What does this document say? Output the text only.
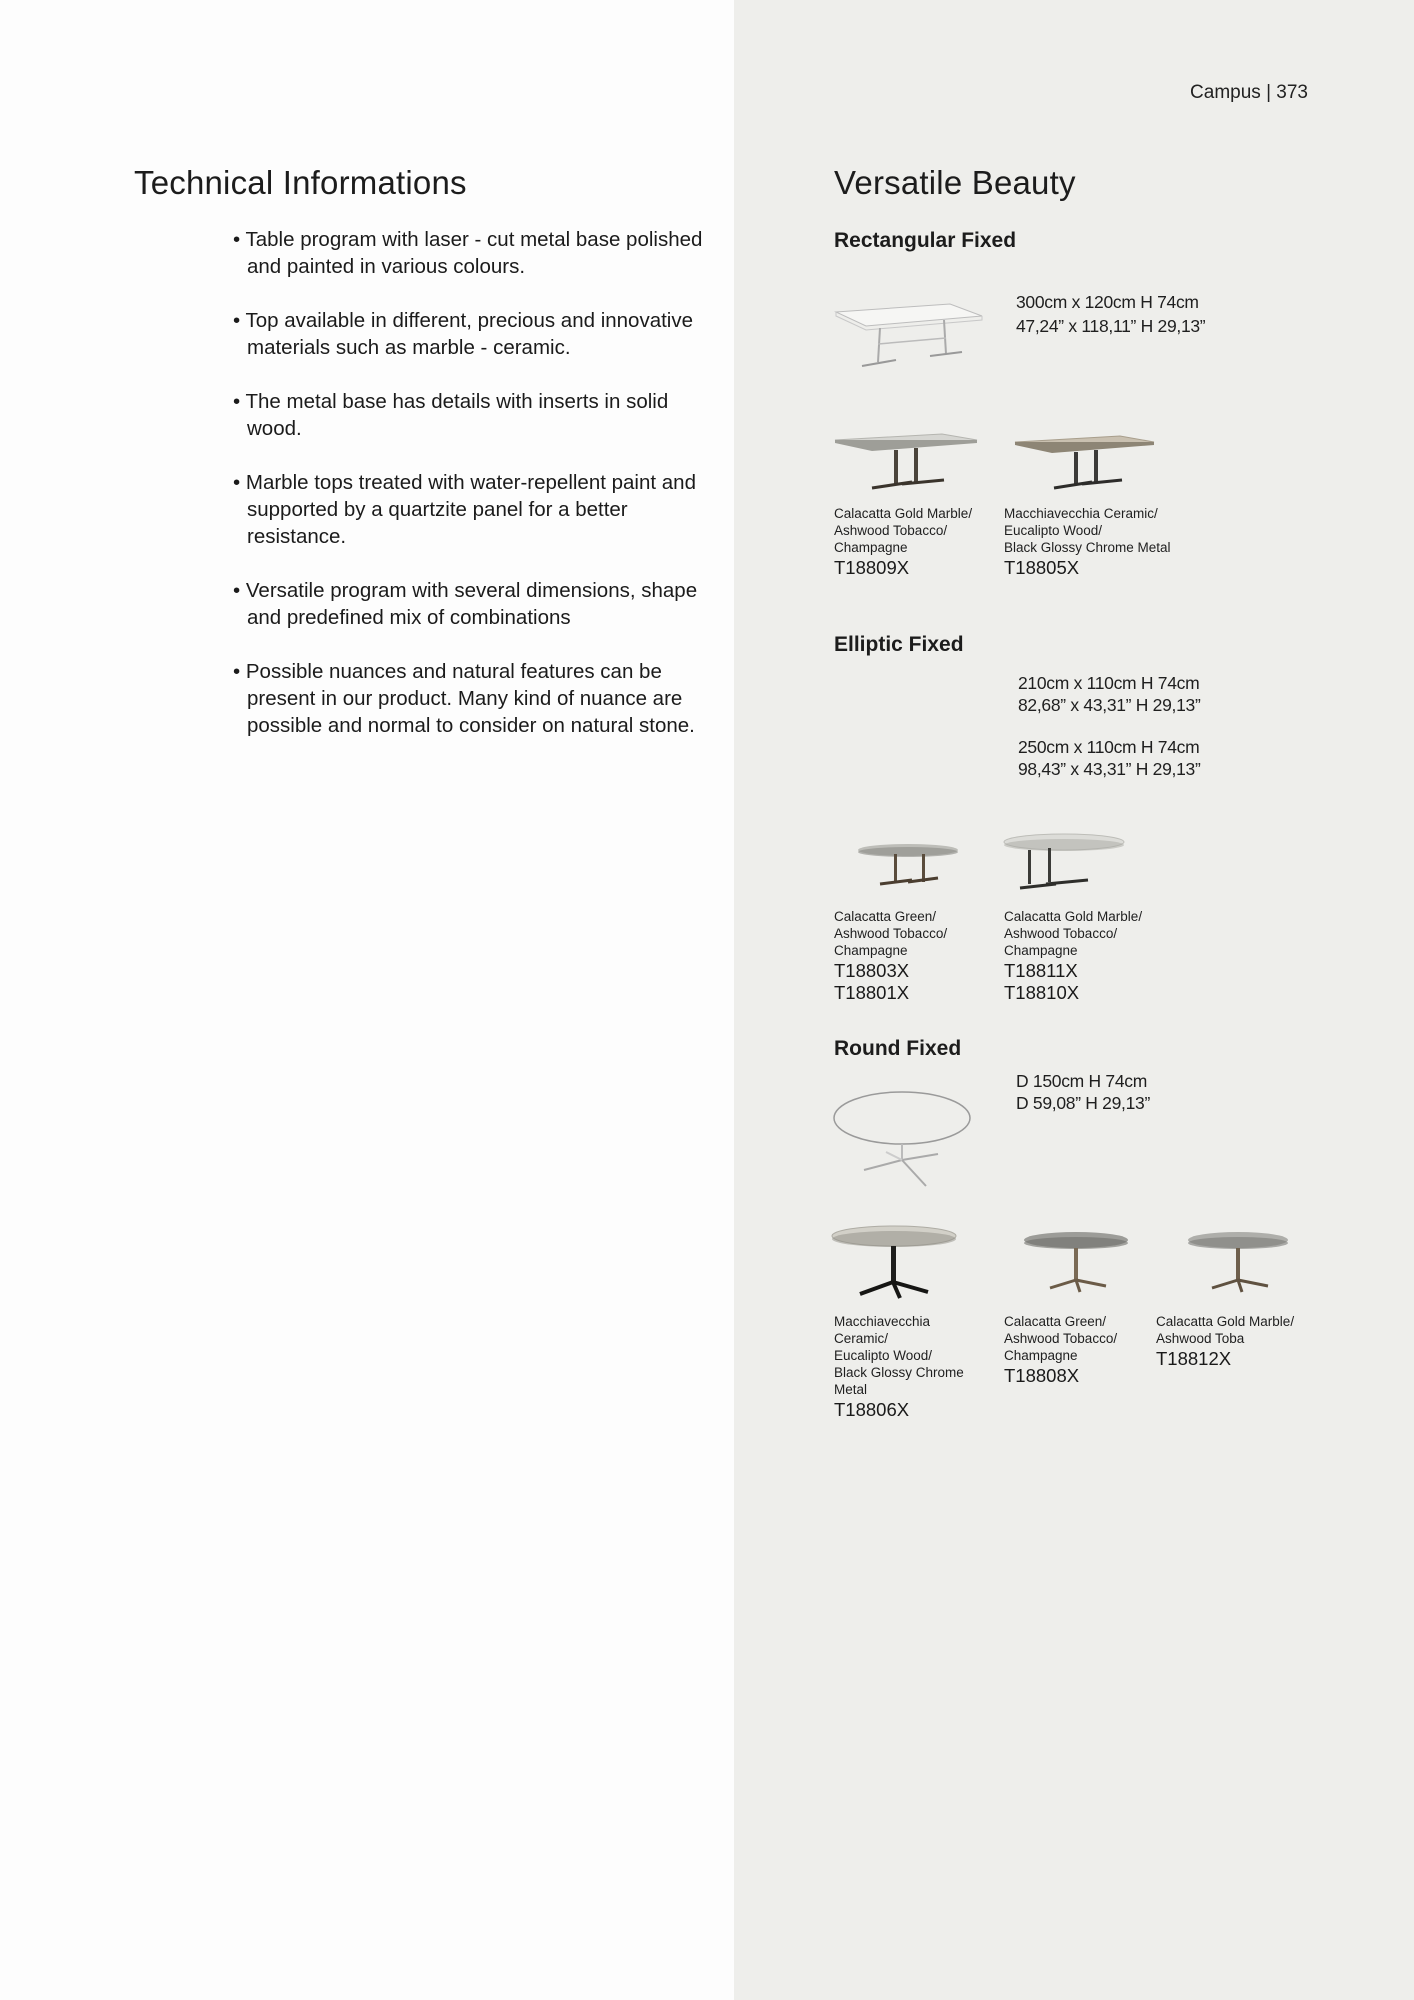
Campus | 373
Technical Informations
• Table program with laser - cut metal base polished and painted in various colours.
• Top available in different, precious and innovative materials such as marble - ceramic.
• The metal base has details with inserts in solid wood.
• Marble tops treated with water-repellent paint and supported by a quartzite panel for a better resistance.
• Versatile program with several dimensions, shape and predefined mix of combinations
• Possible nuances and natural features can be present in our product. Many kind of nuance are possible and normal to consider on natural stone.
Versatile Beauty
Rectangular Fixed
300cm x 120cm H 74cm
47,24” x 118,11” H 29,13”
Calacatta Gold Marble/
Ashwood Tobacco/
Champagne
T18809X
Macchiavecchia Ceramic/
Eucalipto Wood/
Black Glossy Chrome Metal
T18805X
Elliptic Fixed
210cm x 110cm H 74cm
82,68” x 43,31” H 29,13”
250cm x 110cm H 74cm
98,43” x 43,31” H 29,13”
Calacatta Green/
Ashwood Tobacco/
Champagne
T18803X
T18801X
Calacatta Gold Marble/
Ashwood Tobacco/
Champagne
T18811X
T18810X
Round Fixed
D 150cm H 74cm
D 59,08” H 29,13”
Macchiavecchia
Ceramic/
Eucalipto Wood/
Black Glossy Chrome
Metal
T18806X
Calacatta Green/
Ashwood Tobacco/
Champagne
T18808X
Calacatta Gold Marble/
Ashwood Toba
T18812X
